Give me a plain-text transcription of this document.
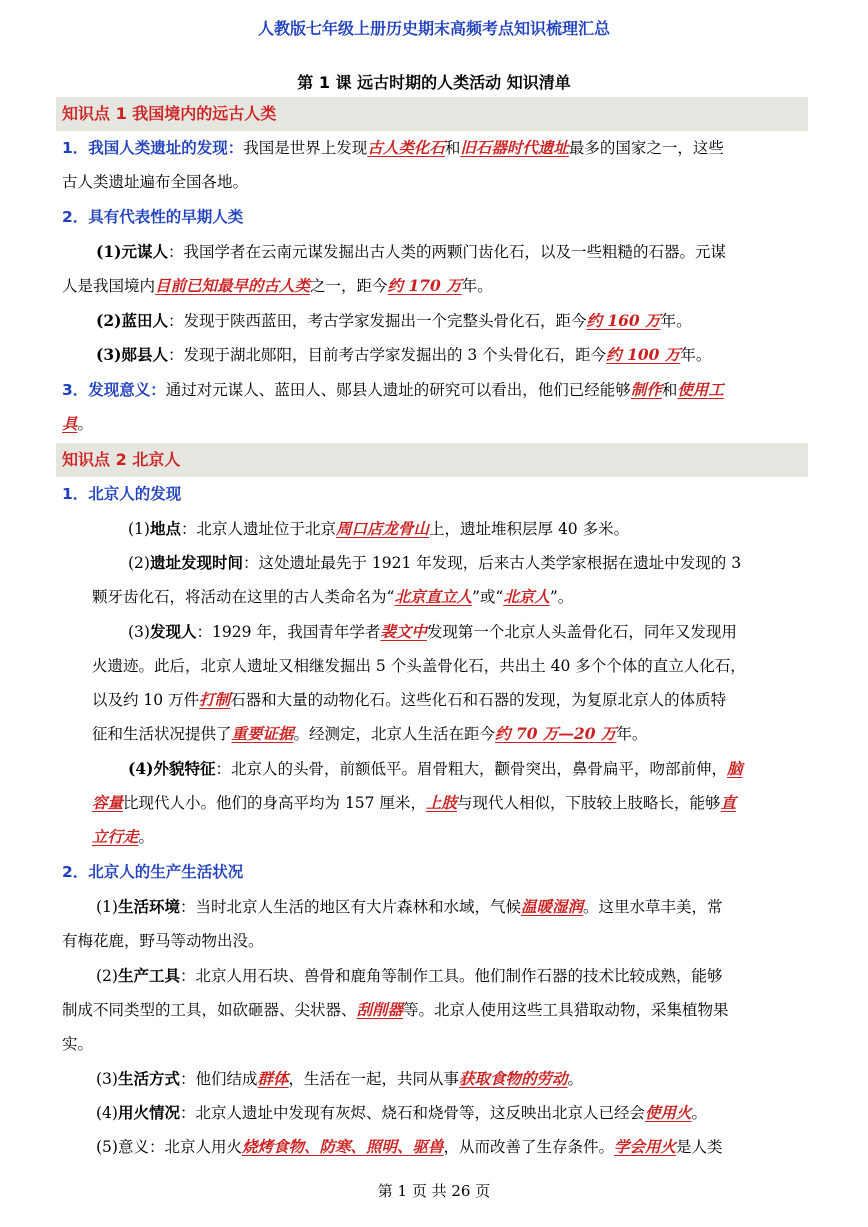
人教版七年级上册历史期末高频考点知识梳理汇总
第 1 课 远古时期的人类活动 知识清单
知识点 1 我国境内的远古人类
1．我国人类遗址的发现：我国是世界上发现古人类化石和旧石器时代遗址最多的国家之一，这些
古人类遗址遍布全国各地。
2．具有代表性的早期人类
(1)元谋人：我国学者在云南元谋发掘出古人类的两颗门齿化石，以及一些粗糙的石器。元谋
人是我国境内目前已知最早的古人类之一，距今约 170 万年。
(2)蓝田人：发现于陕西蓝田，考古学家发掘出一个完整头骨化石，距今约 160 万年。
(3)郧县人：发现于湖北郧阳，目前考古学家发掘出的 3 个头骨化石，距今约 100 万年。
3．发现意义：通过对元谋人、蓝田人、郧县人遗址的研究可以看出，他们已经能够制作和使用工
具。
知识点 2 北京人
1．北京人的发现
(1)地点：北京人遗址位于北京周口店龙骨山上，遗址堆积层厚 40 多米。
(2)遗址发现时间：这处遗址最先于 1921 年发现，后来古人类学家根据在遗址中发现的 3
颗牙齿化石，将活动在这里的古人类命名为“北京直立人”或“北京人”。
(3)发现人：1929 年，我国青年学者裴文中发现第一个北京人头盖骨化石，同年又发现用
火遗迹。此后，北京人遗址又相继发掘出 5 个头盖骨化石，共出土 40 多个个体的直立人化石，
以及约 10 万件打制石器和大量的动物化石。这些化石和石器的发现，为复原北京人的体质特
征和生活状况提供了重要证据。经测定，北京人生活在距今约 70 万—20 万年。
(4)外貌特征：北京人的头骨，前额低平。眉骨粗大，颧骨突出，鼻骨扁平，吻部前伸，脑
容量比现代人小。他们的身高平均为 157 厘米，上肢与现代人相似，下肢较上肢略长，能够直
立行走。
2．北京人的生产生活状况
(1)生活环境：当时北京人生活的地区有大片森林和水域，气候温暖湿润。这里水草丰美，常
有梅花鹿，野马等动物出没。
(2)生产工具：北京人用石块、兽骨和鹿角等制作工具。他们制作石器的技术比较成熟，能够
制成不同类型的工具，如砍砸器、尖状器、刮削器等。北京人使用这些工具猎取动物，采集植物果
实。
(3)生活方式：他们结成群体，生活在一起，共同从事获取食物的劳动。
(4)用火情况：北京人遗址中发现有灰烬、烧石和烧骨等，这反映出北京人已经会使用火。
(5)意义：北京人用火烧烤食物、防寒、照明、驱兽，从而改善了生存条件。学会用火是人类
第 1 页 共 26 页
